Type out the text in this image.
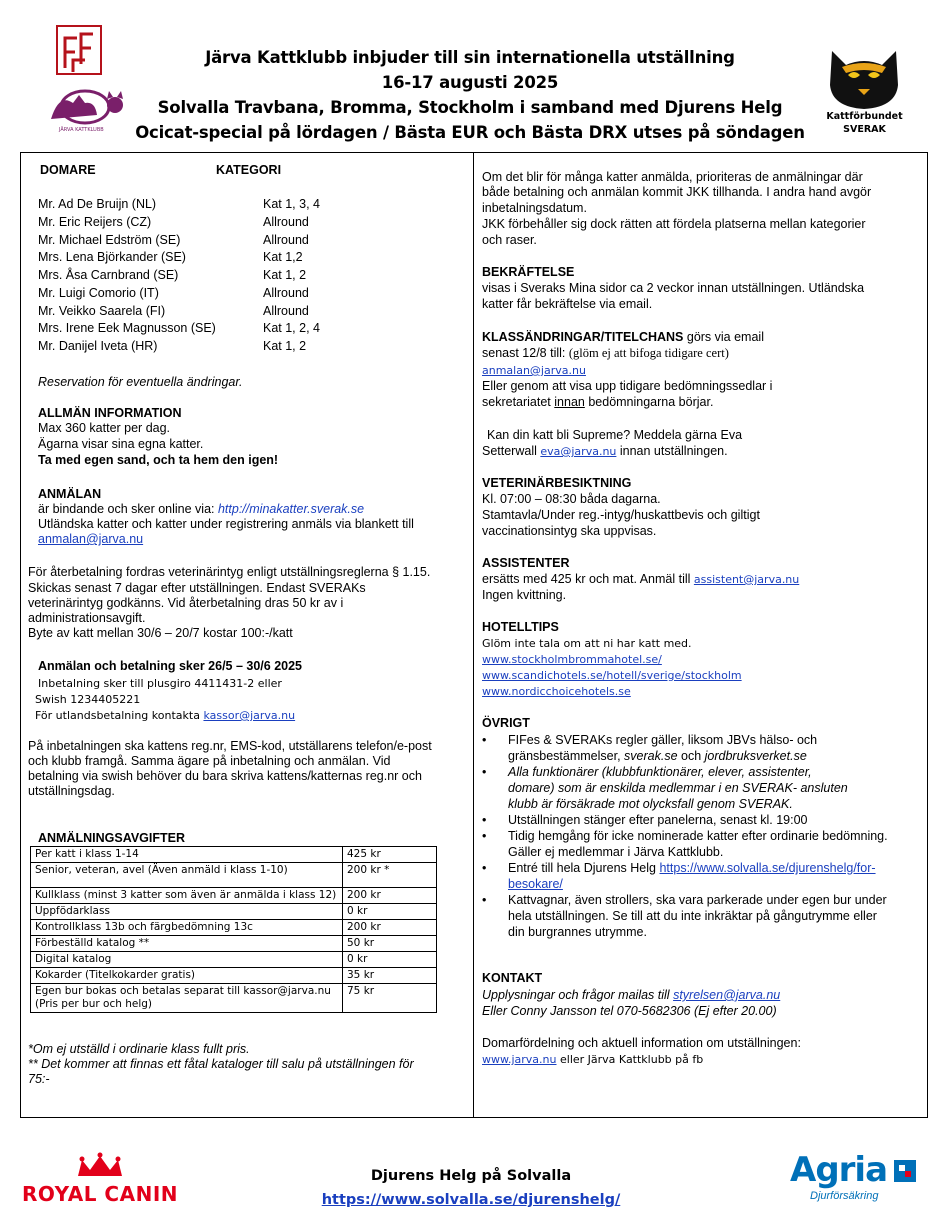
JÄRVA KATTKLUBB
Järva Kattklubb inbjuder till sin internationella utställning
16-17 augusti 2025
Solvalla Travbana, Bromma, Stockholm i samband med Djurens Helg
Ocicat-special på lördagen / Bästa EUR och Bästa DRX utses på söndagen
Kattförbundet
SVERAK
DOMARE	KATEGORI
Mr. Ad De Bruijn (NL)	Kat 1, 3, 4
Mr. Eric Reijers (CZ)	Allround
Mr. Michael Edström (SE)	Allround
Mrs. Lena Björkander (SE)	Kat 1,2
Mrs. Åsa Carnbrand (SE)	Kat 1, 2
Mr. Luigi Comorio (IT)	Allround
Mr. Veikko Saarela (FI)	Allround
Mrs. Irene Eek Magnusson (SE)	Kat 1, 2, 4
Mr. Danijel Iveta (HR)	Kat 1, 2
Reservation för eventuella ändringar.
ALLMÄN INFORMATION
Max 360 katter per dag.
Ägarna visar sina egna katter.
Ta med egen sand, och ta hem den igen!
ANMÄLAN
är bindande och sker online via: http://minakatter.sverak.se
Utländska katter och katter under registrering anmäls via blankett till
anmalan@jarva.nu
För återbetalning fordras veterinärintyg enligt utställningsreglerna § 1.15.
Skickas senast 7 dagar efter utställningen. Endast SVERAKs
veterinärintyg godkänns. Vid återbetalning dras 50 kr av i
administrationsavgift.
Byte av katt mellan 30/6 – 20/7 kostar 100:-/katt
Anmälan och betalning sker 26/5 – 30/6 2025
Inbetalning sker till plusgiro 4411431-2 eller
Swish 1234405221
För utlandsbetalning kontakta kassor@jarva.nu
På inbetalningen ska kattens reg.nr, EMS-kod, utställarens telefon/e-post
och klubb framgå. Samma ägare på inbetalning och anmälan. Vid
betalning via swish behöver du bara skriva kattens/katternas reg.nr och
utställningsdag.
ANMÄLNINGSAVGIFTER
Per katt i klass 1-14	425 kr
Senior, veteran, avel (Även anmäld i klass 1-10)	200 kr *
Kullklass (minst 3 katter som även är anmälda i klass 12)	200 kr
Uppfödarklass	0 kr
Kontrollklass 13b och färgbedömning 13c	200 kr
Förbeställd katalog **	50 kr
Digital katalog	0 kr
Kokarder (Titelkokarder gratis)	35 kr
Egen bur bokas och betalas separat till kassor@jarva.nu (Pris per bur och helg)	75 kr
*Om ej utställd i ordinarie klass fullt pris.
** Det kommer att finnas ett fåtal kataloger till salu på utställningen för
75:-
Om det blir för många katter anmälda, prioriteras de anmälningar där
både betalning och anmälan kommit JKK tillhanda. I andra hand avgör
inbetalningsdatum.
JKK förbehåller sig dock rätten att fördela platserna mellan kategorier
och raser.
BEKRÄFTELSE
visas i Sveraks Mina sidor ca 2 veckor innan utställningen. Utländska
katter får bekräftelse via email.
KLASSÄNDRINGAR/TITELCHANS görs via email
senast 12/8 till: (glöm ej att bifoga tidigare cert)
anmalan@jarva.nu
Eller genom att visa upp tidigare bedömningssedlar i
sekretariatet innan bedömningarna börjar.
Kan din katt bli Supreme? Meddela gärna Eva
Setterwall eva@jarva.nu innan utställningen.
VETERINÄRBESIKTNING
Kl. 07:00 – 08:30 båda dagarna.
Stamtavla/Under reg.-intyg/huskattbevis och giltigt
vaccinationsintyg ska uppvisas.
ASSISTENTER
ersätts med 425 kr och mat. Anmäl till assistent@jarva.nu
Ingen kvittning.
HOTELLTIPS
Glöm inte tala om att ni har katt med.
www.stockholmbrommahotel.se/
www.scandichotels.se/hotell/sverige/stockholm
www.nordicchoicehotels.se
ÖVRIGT
• FIFes & SVERAKs regler gäller, liksom JBVs hälso- och
gränsbestämmelser, sverak.se och jordbruksverket.se
• Alla funktionärer (klubbfunktionärer, elever, assistenter,
domare) som är enskilda medlemmar i en SVERAK- ansluten
klubb är försäkrade mot olycksfall genom SVERAK.
• Utställningen stänger efter panelerna, senast kl. 19:00
• Tidig hemgång för icke nominerade katter efter ordinarie bedömning.
Gäller ej medlemmar i Järva Kattklubb.
• Entré till hela Djurens Helg https://www.solvalla.se/djurenshelg/for-
besokare/
• Kattvagnar, även strollers, ska vara parkerade under egen bur under
hela utställningen. Se till att du inte inkräktar på gångutrymme eller
din burgrannes utrymme.
KONTAKT
Upplysningar och frågor mailas till styrelsen@jarva.nu
Eller Conny Jansson tel 070-5682306 (Ej efter 20.00)
Domarfördelning och aktuell information om utställningen:
www.jarva.nu eller Järva Kattklubb på fb
ROYAL CANIN
Djurens Helg på Solvalla
https://www.solvalla.se/djurenshelg/
Agria
Djurförsäkring
